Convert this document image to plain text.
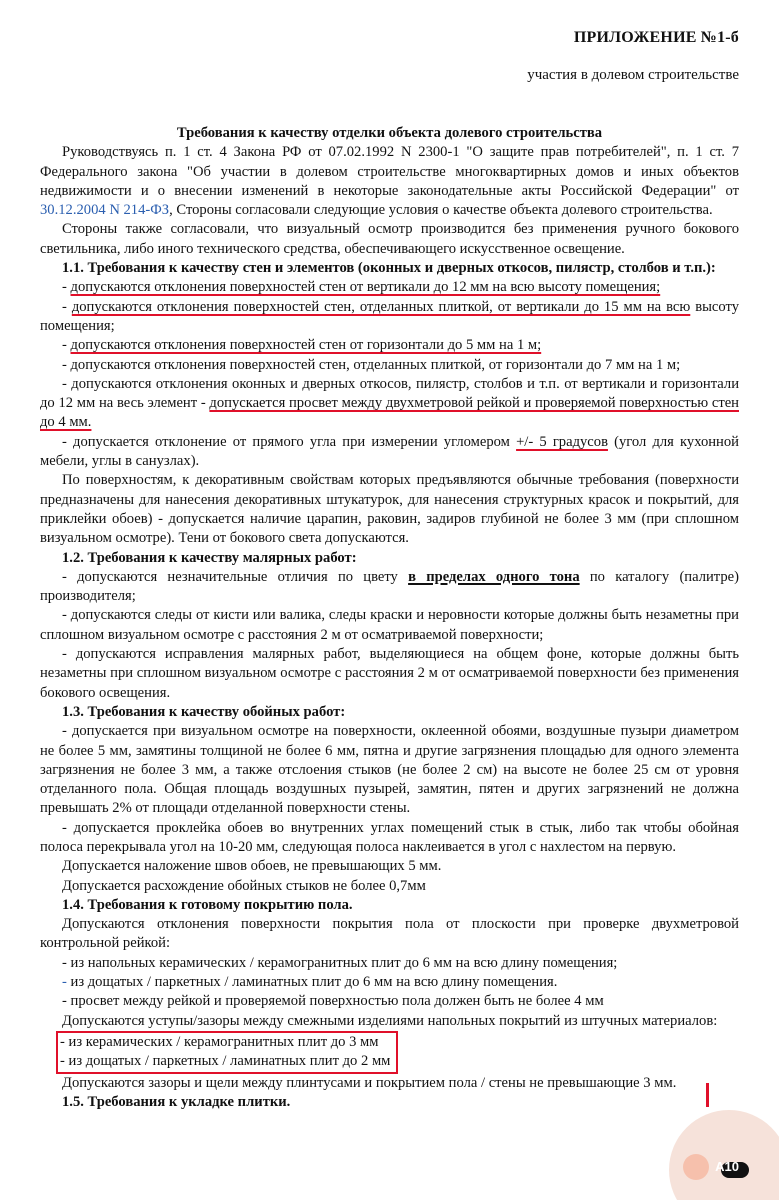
ПРИЛОЖЕНИЕ №1-б
участия в долевом строительстве

Требования к качеству отделки объекта долевого строительства

Руководствуясь п. 1 ст. 4 Закона РФ от 07.02.1992 N 2300-1 "О защите прав потребителей", п. 1 ст. 7 Федерального закона "Об участии в долевом строительстве многоквартирных домов и иных объектов недвижимости и о внесении изменений в некоторые законодательные акты Российской Федерации" от 30.12.2004 N 214-ФЗ, Стороны согласовали следующие условия о качестве объекта долевого строительства.

Стороны также согласовали, что визуальный осмотр производится без применения ручного бокового светильника, либо иного технического средства, обеспечивающего искусственное освещение.

1.1. Требования к качеству стен и элементов (оконных и дверных откосов, пилястр, столбов и т.п.):

- допускаются отклонения поверхностей стен от вертикали до 12 мм на всю высоту помещения;

- допускаются отклонения поверхностей стен, отделанных плиткой, от вертикали до 15 мм на всю высоту помещения;

- допускаются отклонения поверхностей стен от горизонтали до 5 мм на 1 м;

- допускаются отклонения поверхностей стен, отделанных плиткой, от горизонтали до 7 мм на 1 м;

- допускаются отклонения оконных и дверных откосов, пилястр, столбов и т.п. от вертикали и горизонтали до 12 мм на весь элемент - допускается просвет между двухметровой рейкой и проверяемой поверхностью стен до 4 мм.

- допускается отклонение от прямого угла при измерении угломером +/- 5 градусов (угол для кухонной мебели, углы в санузлах).

По поверхностям, к декоративным свойствам которых предъявляются обычные требования (поверхности предназначены для нанесения декоративных штукатурок, для нанесения структурных красок и покрытий, для приклейки обоев) - допускается наличие царапин, раковин, задиров глубиной не более 3 мм (при сплошном визуальном осмотре). Тени от бокового света допускаются.

1.2. Требования к качеству малярных работ:

- допускаются незначительные отличия по цвету в пределах одного тона по каталогу (палитре) производителя;

- допускаются следы от кисти или валика, следы краски и неровности которые должны быть незаметны при сплошном визуальном осмотре с расстояния 2 м от осматриваемой поверхности;

- допускаются исправления малярных работ, выделяющиеся на общем фоне, которые должны быть незаметны при сплошном визуальном осмотре с расстояния 2 м от осматриваемой поверхности без применения бокового освещения.

1.3. Требования к качеству обойных работ:

- допускается при визуальном осмотре на поверхности, оклеенной обоями, воздушные пузыри диаметром не более 5 мм, замятины толщиной не более 6 мм, пятна и другие загрязнения площадью для одного элемента загрязнения не более 3 мм, а также отслоения стыков (не более 2 см) на высоте не более 25 см от уровня отделанного пола. Общая площадь воздушных пузырей, замятин, пятен и других загрязнений не должна превышать 2% от площади отделанной поверхности стены.

- допускается проклейка обоев во внутренних углах помещений стык в стык, либо так чтобы обойная полоса перекрывала угол на 10-20 мм, следующая полоса наклеивается в угол с нахлестом на первую.

Допускается наложение швов обоев, не превышающих 5 мм.

Допускается расхождение обойных стыков не более 0,7мм

1.4. Требования к готовому покрытию пола.

Допускаются отклонения поверхности покрытия пола от плоскости при проверке двухметровой контрольной рейкой:

- из напольных керамических / керамогранитных плит до 6 мм на всю длину помещения;

- из дощатых / паркетных / ламинатных плит до 6 мм на всю длину помещения.

- просвет между рейкой и проверяемой поверхностью пола должен быть не более 4 мм

Допускаются уступы/зазоры между смежными изделиями напольных покрытий из штучных материалов:

- из керамических / керамогранитных плит до 3 мм

- из дощатых / паркетных / ламинатных плит до 2 мм

Допускаются зазоры и щели между плинтусами и покрытием пола / стены не превышающие 3 мм.

1.5. Требования к укладке плитки.

A10
